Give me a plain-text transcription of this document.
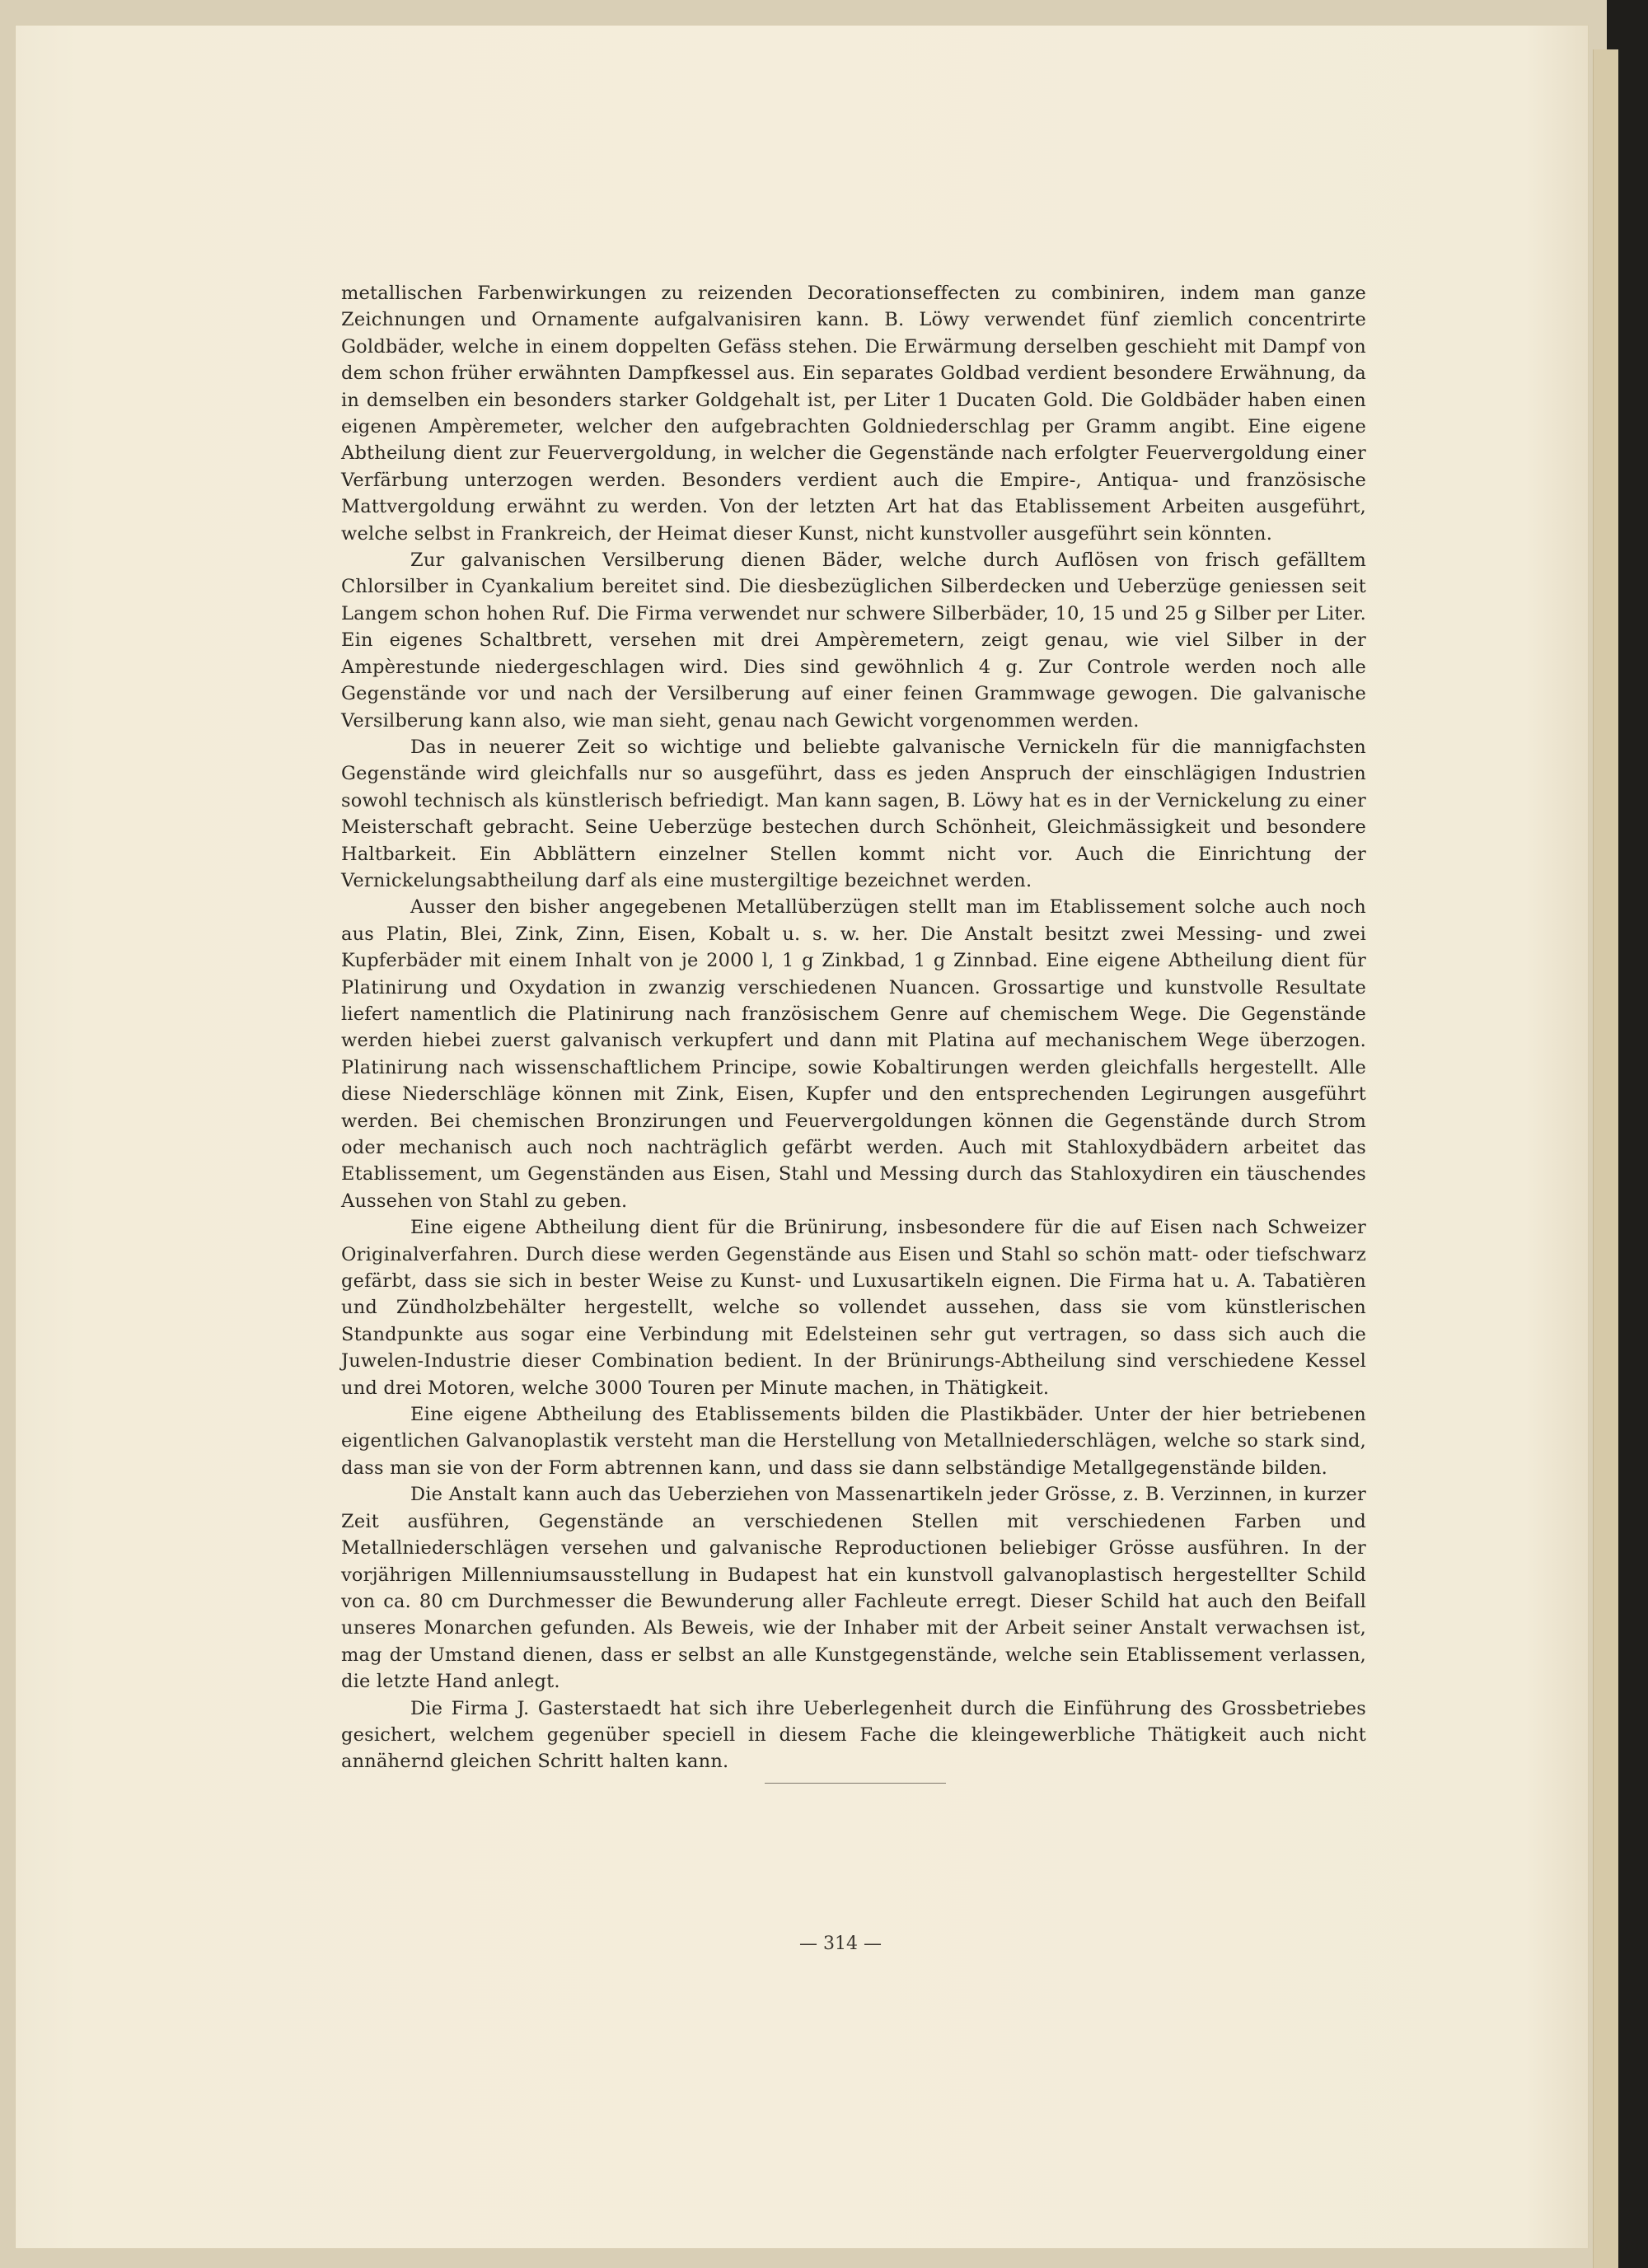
metallischen Farbenwirkungen zu reizenden Decorationseffecten zu combiniren, indem man ganze Zeichnungen und Ornamente aufgalvanisiren kann. B. Löwy verwendet fünf ziemlich concentrirte Goldbäder, welche in einem doppelten Gefäss stehen. Die Erwärmung derselben geschieht mit Dampf von dem schon früher erwähnten Dampfkessel aus. Ein separates Goldbad verdient besondere Erwähnung, da in demselben ein besonders starker Goldgehalt ist, per Liter 1 Ducaten Gold. Die Goldbäder haben einen eigenen Ampèremeter, welcher den aufgebrachten Goldniederschlag per Gramm angibt. Eine eigene Abtheilung dient zur Feuervergoldung, in welcher die Gegenstände nach erfolgter Feuervergoldung einer Verfärbung unterzogen werden. Besonders verdient auch die Empire-, Antiqua- und französische Mattvergoldung erwähnt zu werden. Von der letzten Art hat das Etablissement Arbeiten ausgeführt, welche selbst in Frankreich, der Heimat dieser Kunst, nicht kunstvoller ausgeführt sein könnten.

Zur galvanischen Versilberung dienen Bäder, welche durch Auflösen von frisch gefälltem Chlorsilber in Cyankalium bereitet sind. Die diesbezüglichen Silberdecken und Ueberzüge geniessen seit Langem schon hohen Ruf. Die Firma verwendet nur schwere Silberbäder, 10, 15 und 25 g Silber per Liter. Ein eigenes Schaltbrett, versehen mit drei Ampèremetern, zeigt genau, wie viel Silber in der Ampèrestunde niedergeschlagen wird. Dies sind gewöhnlich 4 g. Zur Controle werden noch alle Gegenstände vor und nach der Versilberung auf einer feinen Grammwage gewogen. Die galvanische Versilberung kann also, wie man sieht, genau nach Gewicht vorgenommen werden.

Das in neuerer Zeit so wichtige und beliebte galvanische Vernickeln für die mannigfachsten Gegenstände wird gleichfalls nur so ausgeführt, dass es jeden Anspruch der einschlägigen Industrien sowohl technisch als künstlerisch befriedigt. Man kann sagen, B. Löwy hat es in der Vernickelung zu einer Meisterschaft gebracht. Seine Ueberzüge bestechen durch Schönheit, Gleichmässigkeit und besondere Haltbarkeit. Ein Abblättern einzelner Stellen kommt nicht vor. Auch die Einrichtung der Vernickelungsabtheilung darf als eine mustergiltige bezeichnet werden.

Ausser den bisher angegebenen Metallüberzügen stellt man im Etablissement solche auch noch aus Platin, Blei, Zink, Zinn, Eisen, Kobalt u. s. w. her. Die Anstalt besitzt zwei Messing- und zwei Kupferbäder mit einem Inhalt von je 2000 l, 1 g Zinkbad, 1 g Zinnbad. Eine eigene Abtheilung dient für Platinirung und Oxydation in zwanzig verschiedenen Nuancen. Grossartige und kunstvolle Resultate liefert namentlich die Platinirung nach französischem Genre auf chemischem Wege. Die Gegenstände werden hiebei zuerst galvanisch verkupfert und dann mit Platina auf mechanischem Wege überzogen. Platinirung nach wissenschaftlichem Principe, sowie Kobaltirungen werden gleichfalls hergestellt. Alle diese Niederschläge können mit Zink, Eisen, Kupfer und den entsprechenden Legirungen ausgeführt werden. Bei chemischen Bronzirungen und Feuervergoldungen können die Gegenstände durch Strom oder mechanisch auch noch nachträglich gefärbt werden. Auch mit Stahloxydbädern arbeitet das Etablissement, um Gegenständen aus Eisen, Stahl und Messing durch das Stahloxydiren ein täuschendes Aussehen von Stahl zu geben.

Eine eigene Abtheilung dient für die Brünirung, insbesondere für die auf Eisen nach Schweizer Originalverfahren. Durch diese werden Gegenstände aus Eisen und Stahl so schön matt- oder tiefschwarz gefärbt, dass sie sich in bester Weise zu Kunst- und Luxusartikeln eignen. Die Firma hat u. A. Tabatièren und Zündholzbehälter hergestellt, welche so vollendet aussehen, dass sie vom künstlerischen Standpunkte aus sogar eine Verbindung mit Edelsteinen sehr gut vertragen, so dass sich auch die Juwelen-Industrie dieser Combination bedient. In der Brünirungs-Abtheilung sind verschiedene Kessel und drei Motoren, welche 3000 Touren per Minute machen, in Thätigkeit.

Eine eigene Abtheilung des Etablissements bilden die Plastikbäder. Unter der hier betriebenen eigentlichen Galvanoplastik versteht man die Herstellung von Metallniederschlägen, welche so stark sind, dass man sie von der Form abtrennen kann, und dass sie dann selbständige Metallgegenstände bilden.

Die Anstalt kann auch das Ueberziehen von Massenartikeln jeder Grösse, z. B. Verzinnen, in kurzer Zeit ausführen, Gegenstände an verschiedenen Stellen mit verschiedenen Farben und Metallniederschlägen versehen und galvanische Reproductionen beliebiger Grösse ausführen. In der vorjährigen Millenniumsausstellung in Budapest hat ein kunstvoll galvanoplastisch hergestellter Schild von ca. 80 cm Durchmesser die Bewunderung aller Fachleute erregt. Dieser Schild hat auch den Beifall unseres Monarchen gefunden. Als Beweis, wie der Inhaber mit der Arbeit seiner Anstalt verwachsen ist, mag der Umstand dienen, dass er selbst an alle Kunstgegenstände, welche sein Etablissement verlassen, die letzte Hand anlegt.

Die Firma J. Gasterstaedt hat sich ihre Ueberlegenheit durch die Einführung des Grossbetriebes gesichert, welchem gegenüber speciell in diesem Fache die kleingewerbliche Thätigkeit auch nicht annähernd gleichen Schritt halten kann.

— 314 —
